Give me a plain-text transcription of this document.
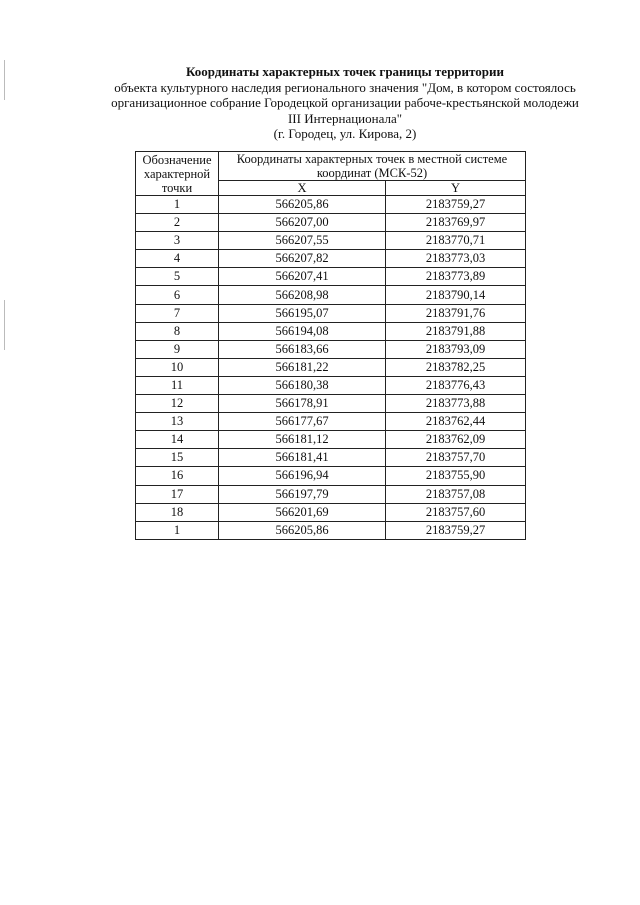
Координаты характерных точек границы территории
объекта культурного наследия регионального значения "Дом, в котором состоялось
организационное собрание Городецкой организации рабоче-крестьянской молодежи
III Интернационала"
(г. Городец, ул. Кирова, 2)
Обозначение характерной точки	Координаты характерных точек в местной системе координат (МСК-52)	
	X	Y
1	566205,86	2183759,27
2	566207,00	2183769,97
3	566207,55	2183770,71
4	566207,82	2183773,03
5	566207,41	2183773,89
6	566208,98	2183790,14
7	566195,07	2183791,76
8	566194,08	2183791,88
9	566183,66	2183793,09
10	566181,22	2183782,25
11	566180,38	2183776,43
12	566178,91	2183773,88
13	566177,67	2183762,44
14	566181,12	2183762,09
15	566181,41	2183757,70
16	566196,94	2183755,90
17	566197,79	2183757,08
18	566201,69	2183757,60
1	566205,86	2183759,27
